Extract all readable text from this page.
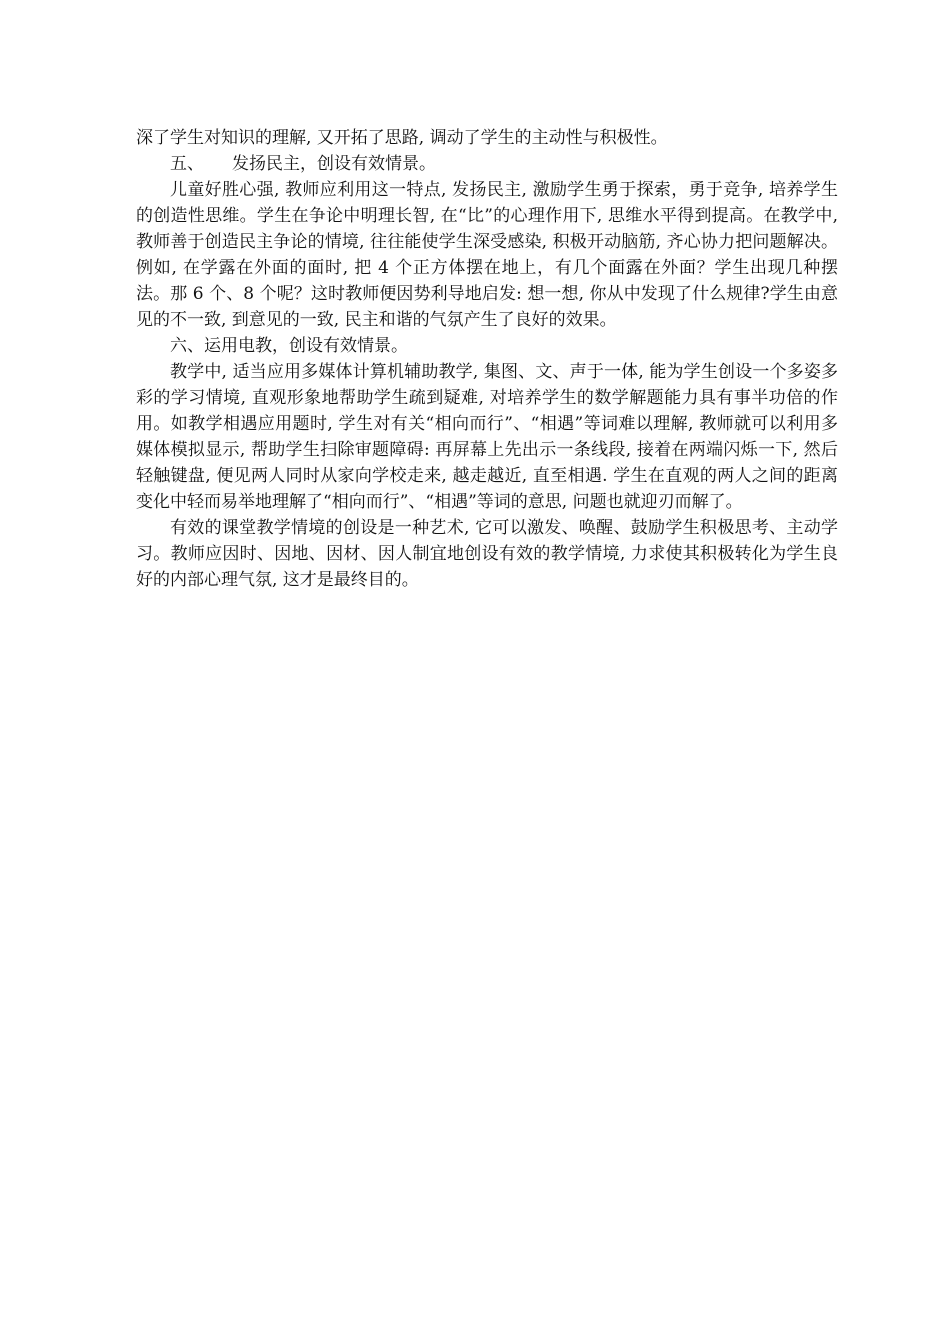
深了学生对知识的理解, 又开拓了思路, 调动了学生的主动性与积极性。

五、 发扬民主，创设有效情景。

儿童好胜心强, 教师应利用这一特点, 发扬民主, 激励学生勇于探索，勇于竞争, 培养学生的创造性思维。学生在争论中明理长智, 在“比”的心理作用下, 思维水平得到提高。在教学中, 教师善于创造民主争论的情境, 往往能使学生深受感染, 积极开动脑筋, 齐心协力把问题解决。例如, 在学露在外面的面时, 把 4 个正方体摆在地上，有几个面露在外面？学生出现几种摆法。那 6 个、8 个呢？这时教师便因势利导地启发: 想一想, 你从中发现了什么规律?学生由意见的不一致, 到意见的一致, 民主和谐的气氛产生了良好的效果。

六、运用电教，创设有效情景。

教学中, 适当应用多媒体计算机辅助教学, 集图、文、声于一体, 能为学生创设一个多姿多彩的学习情境, 直观形象地帮助学生疏到疑难, 对培养学生的数学解题能力具有事半功倍的作用。如教学相遇应用题时, 学生对有关“相向而行”、“相遇”等词难以理解, 教师就可以利用多媒体模拟显示, 帮助学生扫除审题障碍: 再屏幕上先出示一条线段, 接着在两端闪烁一下, 然后轻触键盘, 便见两人同时从家向学校走来, 越走越近, 直至相遇. 学生在直观的两人之间的距离变化中轻而易举地理解了“相向而行”、“相遇”等词的意思, 问题也就迎刃而解了。

有效的课堂教学情境的创设是一种艺术, 它可以激发、唤醒、鼓励学生积极思考、主动学习。教师应因时、因地、因材、因人制宜地创设有效的教学情境, 力求使其积极转化为学生良好的内部心理气氛, 这才是最终目的。
